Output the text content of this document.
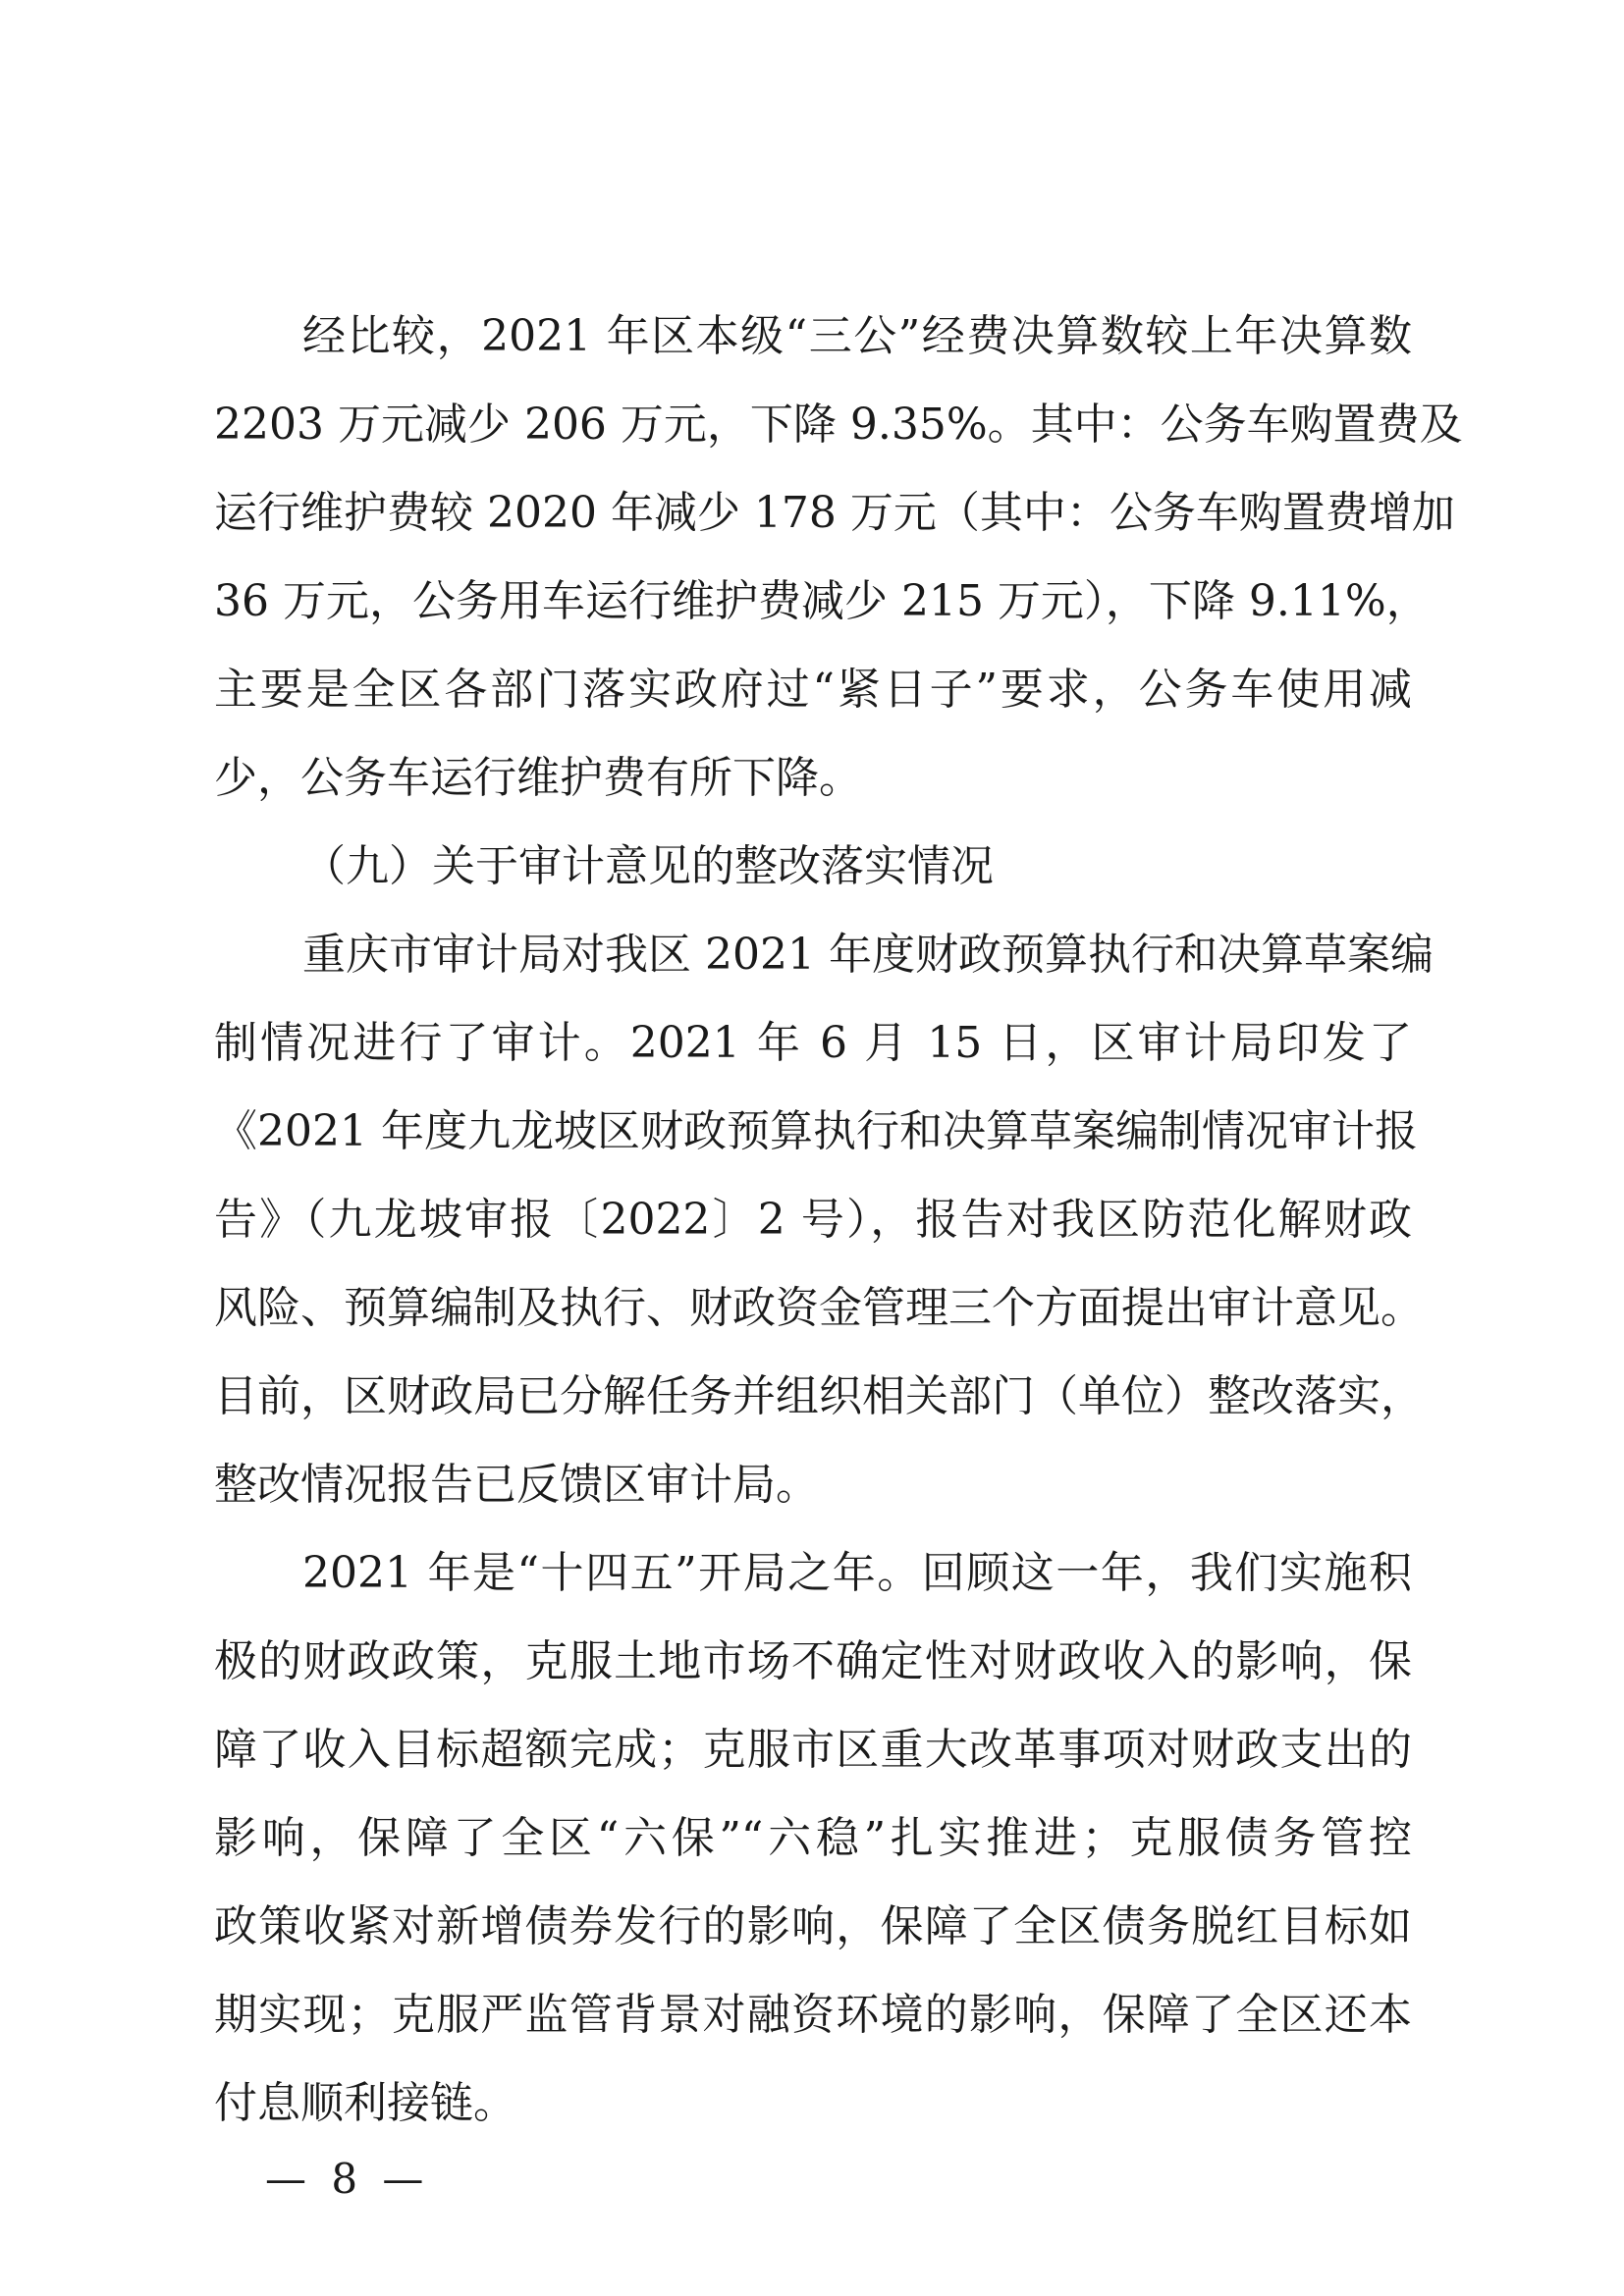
经比较，2021 年区本级“三公”经费决算数较上年决算数
2203 万元减少 206 万元，下降 9.35%。其中：公务车购置费及
运行维护费较 2020 年减少 178 万元（其中：公务车购置费增加
36 万元，公务用车运行维护费减少 215 万元），下降 9.11%，
主要是全区各部门落实政府过“紧日子”要求，公务车使用减
少，公务车运行维护费有所下降。
（九）关于审计意见的整改落实情况
重庆市审计局对我区 2021 年度财政预算执行和决算草案编
制情况进行了审计。2021 年 6 月 15 日，区审计局印发了
《2021 年度九龙坡区财政预算执行和决算草案编制情况审计报
告》（九龙坡审报〔2022〕2 号），报告对我区防范化解财政
风险、预算编制及执行、财政资金管理三个方面提出审计意见。
目前，区财政局已分解任务并组织相关部门（单位）整改落实，
整改情况报告已反馈区审计局。
2021 年是“十四五”开局之年。回顾这一年，我们实施积
极的财政政策，克服土地市场不确定性对财政收入的影响，保
障了收入目标超额完成；克服市区重大改革事项对财政支出的
影响，保障了全区“六保”“六稳”扎实推进；克服债务管控
政策收紧对新增债券发行的影响，保障了全区债务脱红目标如
期实现；克服严监管背景对融资环境的影响，保障了全区还本
付息顺利接链。
— 8 —
